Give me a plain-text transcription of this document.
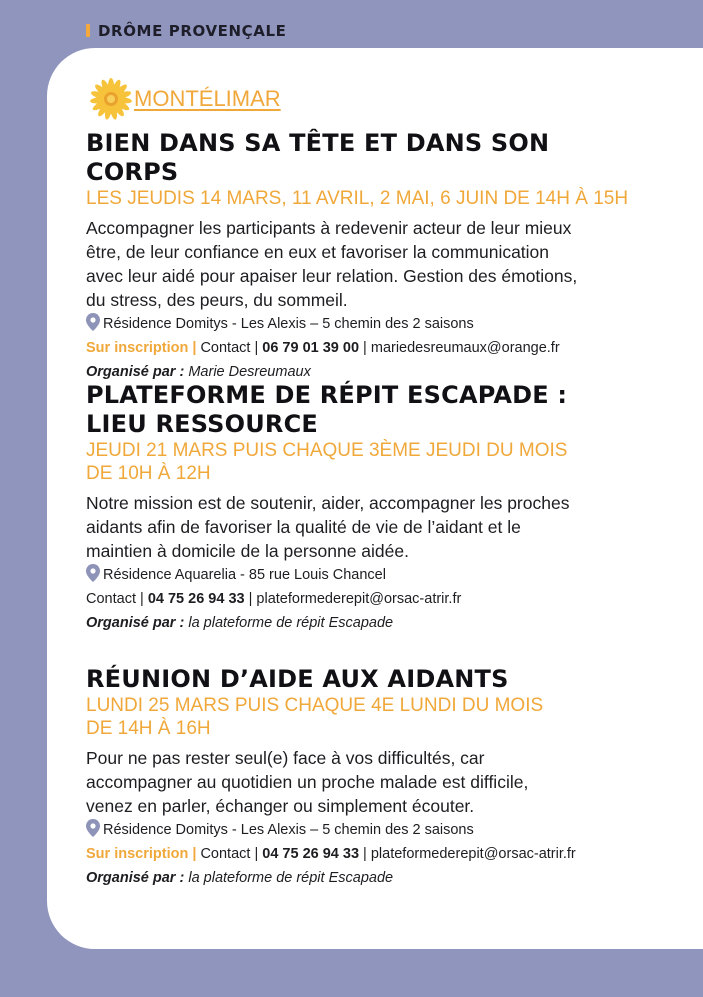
DRÔME PROVENÇALE
MONTÉLIMAR
BIEN DANS SA TÊTE ET DANS SON CORPS

LES JEUDIS 14 MARS, 11 AVRIL, 2 MAI, 6 JUIN DE 14H À 15H

Accompagner les participants à redevenir acteur de leur mieux
être, de leur confiance en eux et favoriser la communication
avec leur aidé pour apaiser leur relation. Gestion des émotions,
du stress, des peurs, du sommeil.

Résidence Domitys - Les Alexis – 5 chemin des 2 saisons

Sur inscription | Contact | 06 79 01 39 00 | mariedesreumaux@orange.fr

Organisé par : Marie Desreumaux

PLATEFORME DE RÉPIT ESCAPADE :
LIEU RESSOURCE

JEUDI 21 MARS PUIS CHAQUE 3ÈME JEUDI DU MOIS
DE 10H À 12H

Notre mission est de soutenir, aider, accompagner les proches
aidants afin de favoriser la qualité de vie de l’aidant et le
maintien à domicile de la personne aidée.

Résidence Aquarelia - 85 rue Louis Chancel

Contact | 04 75 26 94 33 | plateformederepit@orsac-atrir.fr

Organisé par : la plateforme de répit Escapade

RÉUNION D’AIDE AUX AIDANTS

LUNDI 25 MARS PUIS CHAQUE 4E LUNDI DU MOIS
DE 14H À 16H

Pour ne pas rester seul(e) face à vos difficultés, car
accompagner au quotidien un proche malade est difficile,
venez en parler, échanger ou simplement écouter.

Résidence Domitys - Les Alexis – 5 chemin des 2 saisons

Sur inscription | Contact | 04 75 26 94 33 | plateformederepit@orsac-atrir.fr

Organisé par : la plateforme de répit Escapade
